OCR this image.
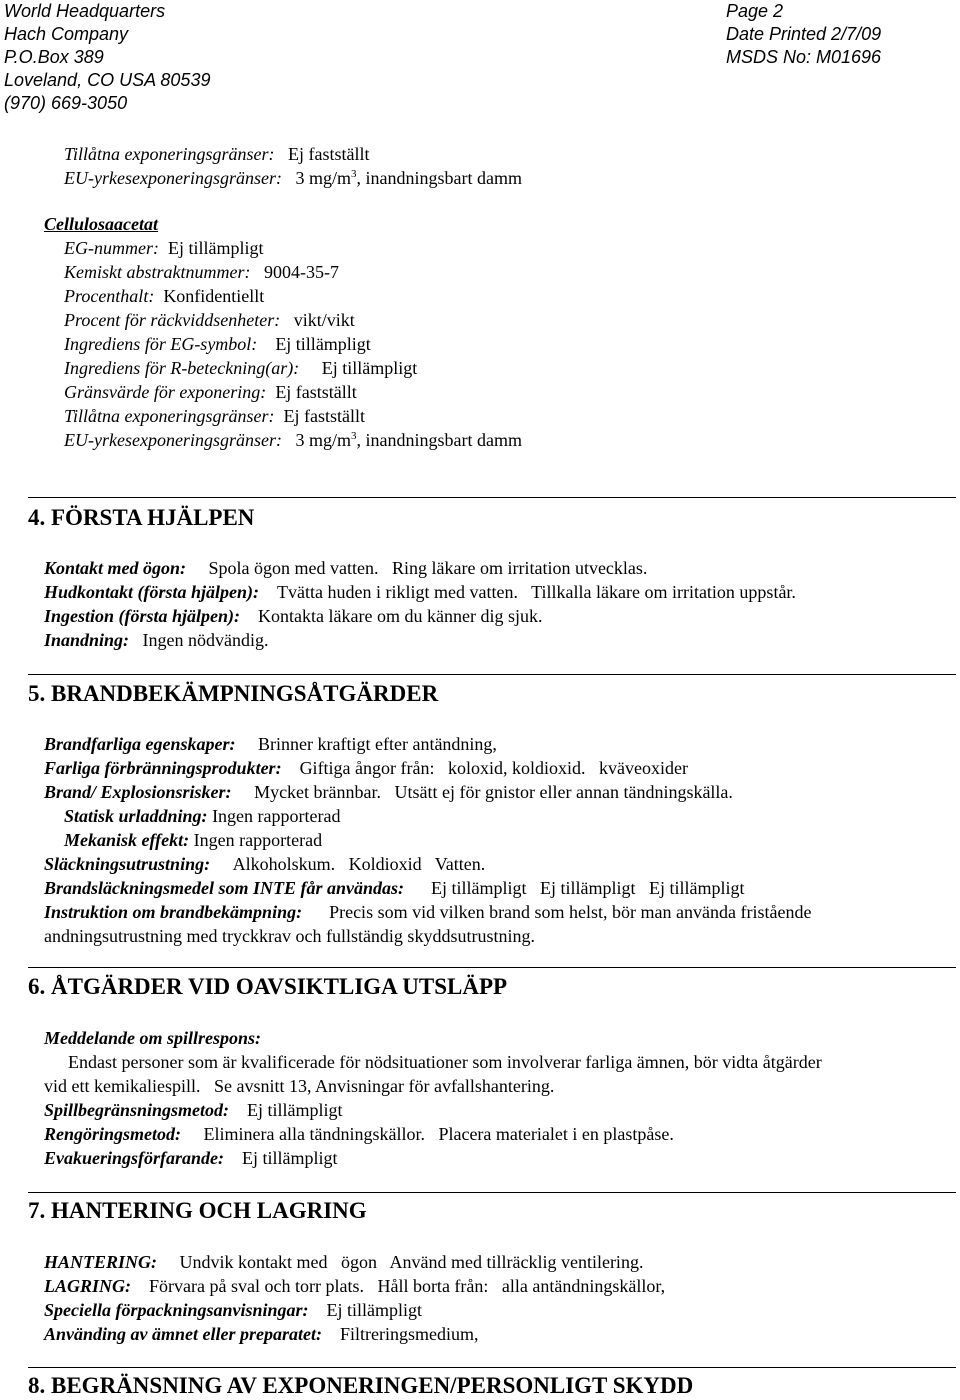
World Headquarters
Hach Company
P.O.Box 389
Loveland, CO USA 80539
(970) 669-3050
Page 2
Date Printed 2/7/09
MSDS No: M01696
Tillåtna exponeringsgränser: Ej fastställt
EU-yrkesexponeringsgränser: 3 $mg/m^3$, inandningsbart damm
Cellulosaacetat
EG-nummer: Ej tillämpligt
Kemiskt abstraktnummer: 9004-35-7
Procenthalt: Konfidentiellt
Procent för räckviddsenheter: vikt/vikt
Ingrediens för EG-symbol: Ej tillämpligt
Ingrediens för R-beteckning(ar): Ej tillämpligt
Gränsvärde för exponering: Ej fastställt
Tillåtna exponeringsgränser: Ej fastställt
EU-yrkesexponeringsgränser: 3 $mg/m^3$, inandningsbart damm
4. FÖRSTA HJÄLPEN
Kontakt med ögon: Spola ögon med vatten.   Ring läkare om irritation utvecklas.
Hudkontakt (första hjälpen): Tvätta huden i rikligt med vatten.   Tillkalla läkare om irritation uppstår.
Ingestion (första hjälpen): Kontakta läkare om du känner dig sjuk.
Inandning: Ingen nödvändig.
5. BRANDBEKÄMPNINGSÅTGÄRDER
Brandfarliga egenskaper: Brinner kraftigt efter antändning,
Farliga förbränningsprodukter: Giftiga ångor från:   koloxid, koldioxid.   kväveoxider
Brand/ Explosionsrisker: Mycket brännbar.   Utsätt ej för gnistor eller annan tändningskälla.
Statisk urladdning: Ingen rapporterad
Mekanisk effekt: Ingen rapporterad
Släckningsutrustning: Alkoholskum.   Koldioxid   Vatten.
Brandsläckningsmedel som INTE får användas: Ej tillämpligt   Ej tillämpligt   Ej tillämpligt
Instruktion om brandbekämpning: Precis som vid vilken brand som helst, bör man använda fristående
andningsutrustning med tryckkrav och fullständig skyddsutrustning.
6. ÅTGÄRDER VID OAVSIKTLIGA UTSLÄPP
Meddelande om spillrespons:
Endast personer som är kvalificerade för nödsituationer som involverar farliga ämnen, bör vidta åtgärder
vid ett kemikaliespill.   Se avsnitt 13, Anvisningar för avfallshantering.
Spillbegränsningsmetod: Ej tillämpligt
Rengöringsmetod: Eliminera alla tändningskällor.   Placera materialet i en plastpåse.
Evakueringsförfarande: Ej tillämpligt
7. HANTERING OCH LAGRING
HANTERING: Undvik kontakt med   ögon   Använd med tillräcklig ventilering.
LAGRING: Förvara på sval och torr plats.   Håll borta från:   alla antändningskällor,
Speciella förpackningsanvisningar: Ej tillämpligt
Använding av ämnet eller preparatet: Filtreringsmedium,
8. BEGRÄNSNING AV EXPONERINGEN/PERSONLIGT SKYDD
